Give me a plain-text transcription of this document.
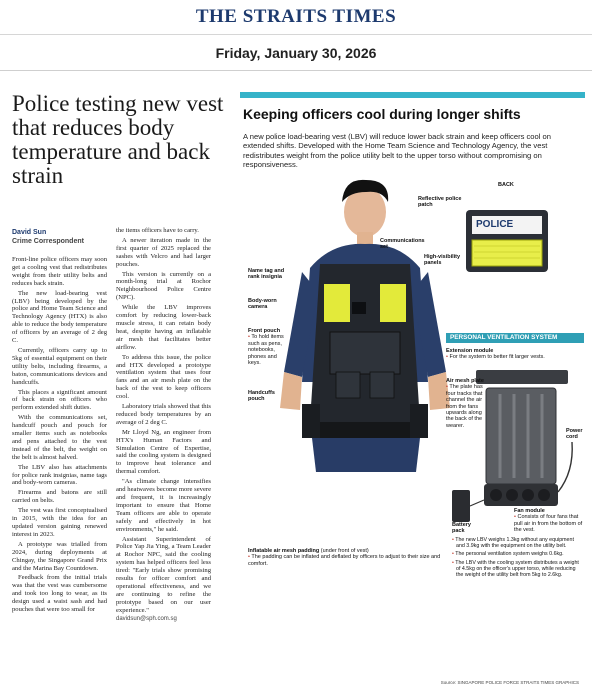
THE STRAITS TIMES
Friday, January 30, 2026
Police testing new vest that reduces body temperature and back strain
David Sun
Crime Correspondent

Front-line police officers may soon get a cooling vest that redistributes weight from their utility belts and reduces back strain.

The new load-bearing vest (LBV) being developed by the police and Home Team Science and Technology Agency (HTX) is also able to reduce the body temperature of officers by an average of 2 deg C.

Currently, officers carry up to 5kg of essential equipment on their utility belts, including firearms, a baton, communications devices and handcuffs.

This places a significant amount of back strain on officers who perform extended shift duties.

With the communications set, handcuff pouch and pouch for smaller items such as notebooks and pens attached to the vest instead of the belt, the weight on the belt is almost halved.

The LBV also has attachments for police rank insignias, name tags and body-worn cameras.

Firearms and batons are still carried on belts.

The vest was first conceptualised in 2015, with the idea for an updated version gaining renewed interest in 2023.

A prototype was trialled from 2024, during deployments at Chingay, the Singapore Grand Prix and the Marina Bay Countdown.

Feedback from the initial trials was that the vest was cumbersome and took too long to wear, as its design used a waist sash and had pouches that were too small for

the items officers have to carry.

A newer iteration made in the first quarter of 2025 replaced the sashes with Velcro and had larger pouches.

This version is currently on a month-long trial at Rochor Neighbourhood Police Centre (NPC).

While the LBV improves comfort by reducing lower-back muscle stress, it can retain body heat, despite having an inflatable air mesh that facilitates better airflow.

To address this issue, the police and HTX developed a prototype ventilation system that uses four fans and an air mesh plate on the back of the vest to keep officers cool.

Laboratory trials showed that this reduced body temperatures by an average of 2 deg C.

Mr Lloyd Ng, an engineer from HTX's Human Factors and Simulation Centre of Expertise, said the cooling system is designed to improve heat tolerance and thermal comfort.

"As climate change intensifies and heatwaves become more severe and frequent, it is increasingly important to ensure that Home Team officers are able to operate safely and effectively in hot environments," he said.

Assistant Superintendent of Police Yap Jia Ying, a Team Leader at Rochor NPC, said the cooling system has helped officers feel less tired: "Early trials show promising results for officer comfort and operational effectiveness, and we are continuing to refine the prototype based on our user experience."

davidsun@sph.com.sg
Keeping officers cool during longer shifts
A new police load-bearing vest (LBV) will reduce lower back strain and keep officers cool on extended shifts. Developed with the Home Team Science and Technology Agency, the vest redistributes weight from the police utility belt to the upper torso without compromising on responsiveness.
BACK
Reflective police patch
POLICE
Communications set
High-visibility panels
Name tag and rank insignia
Body-worn camera
Front pouch
• To hold items such as pens, notebooks, phones and keys.
Handcuffs pouch
Inflatable air mesh padding (under front of vest)
• The padding can be inflated and deflated by officers to adjust to their size and comfort.
PERSONAL VENTILATION SYSTEM
Extension module
• For the system to better fit larger vests.
Air mesh plate
• The plate has four tracks that channel the air from the fans upwards along the back of the wearer.
Power cord
Fan module
• Consists of four fans that pull air in from the bottom of the vest.
Battery pack
• The new LBV weighs 1.3kg without any equipment and 3.9kg with the equipment on the utility belt.
• The personal ventilation system weighs 0.6kg.
• The LBV with the cooling system distributes a weight of 4.5kg on the officer's upper torso, while reducing the weight of the utility belt from 5kg to 2.6kg.
Source: SINGAPORE POLICE FORCE STRAITS TIMES GRAPHICS
